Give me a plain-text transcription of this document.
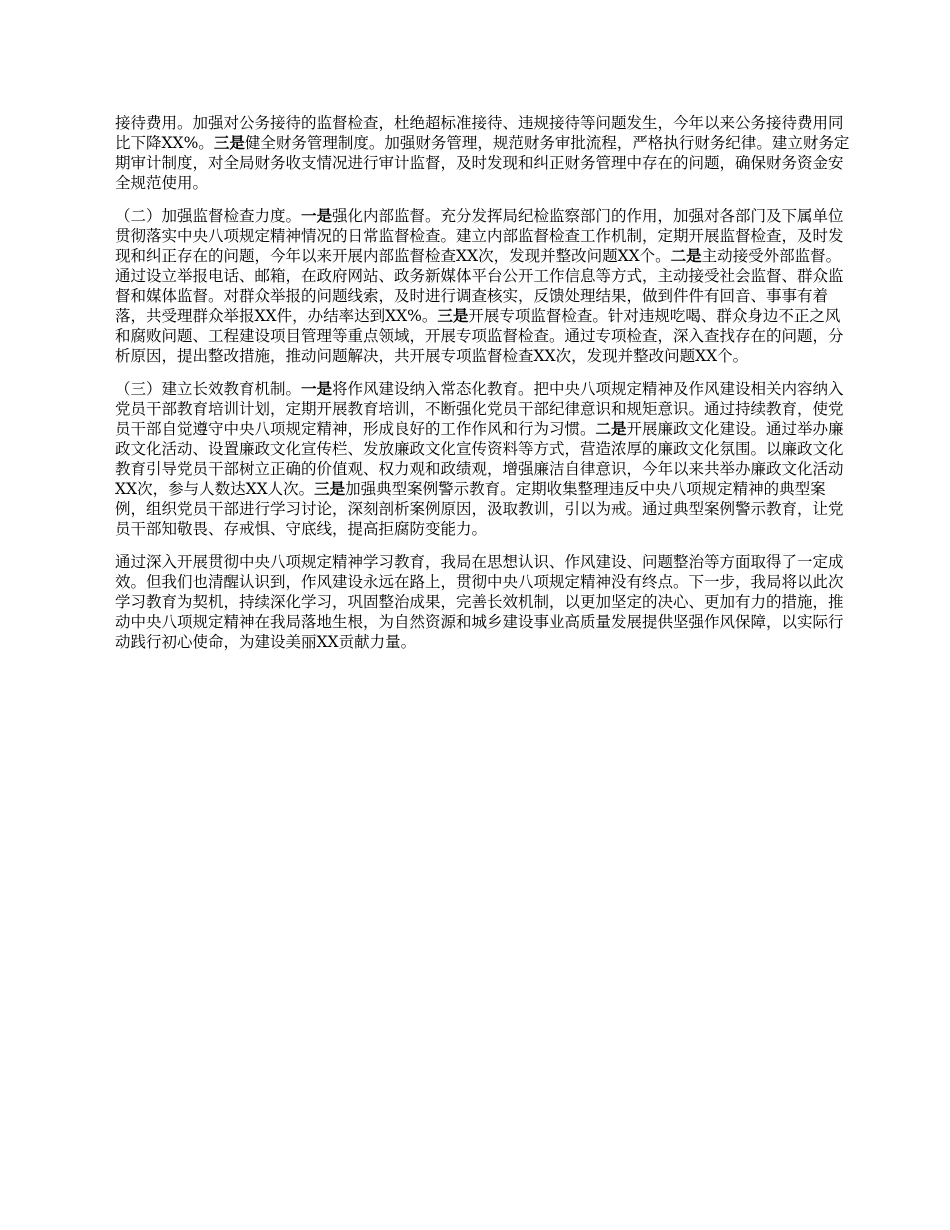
接待费用。加强对公务接待的监督检查，杜绝超标准接待、违规接待等问题发生，今年以来公务接待费用同比下降XX%。三是健全财务管理制度。加强财务管理，规范财务审批流程，严格执行财务纪律。建立财务定期审计制度，对全局财务收支情况进行审计监督，及时发现和纠正财务管理中存在的问题，确保财务资金安全规范使用。

（二）加强监督检查力度。一是强化内部监督。充分发挥局纪检监察部门的作用，加强对各部门及下属单位贯彻落实中央八项规定精神情况的日常监督检查。建立内部监督检查工作机制，定期开展监督检查，及时发现和纠正存在的问题，今年以来开展内部监督检查XX次，发现并整改问题XX个。二是主动接受外部监督。通过设立举报电话、邮箱，在政府网站、政务新媒体平台公开工作信息等方式，主动接受社会监督、群众监督和媒体监督。对群众举报的问题线索，及时进行调查核实，反馈处理结果，做到件件有回音、事事有着落，共受理群众举报XX件，办结率达到XX%。三是开展专项监督检查。针对违规吃喝、群众身边不正之风和腐败问题、工程建设项目管理等重点领域，开展专项监督检查。通过专项检查，深入查找存在的问题，分析原因，提出整改措施，推动问题解决，共开展专项监督检查XX次，发现并整改问题XX个。

（三）建立长效教育机制。一是将作风建设纳入常态化教育。把中央八项规定精神及作风建设相关内容纳入党员干部教育培训计划，定期开展教育培训，不断强化党员干部纪律意识和规矩意识。通过持续教育，使党员干部自觉遵守中央八项规定精神，形成良好的工作作风和行为习惯。二是开展廉政文化建设。通过举办廉政文化活动、设置廉政文化宣传栏、发放廉政文化宣传资料等方式，营造浓厚的廉政文化氛围。以廉政文化教育引导党员干部树立正确的价值观、权力观和政绩观，增强廉洁自律意识，今年以来共举办廉政文化活动XX次，参与人数达XX人次。三是加强典型案例警示教育。定期收集整理违反中央八项规定精神的典型案例，组织党员干部进行学习讨论，深刻剖析案例原因，汲取教训，引以为戒。通过典型案例警示教育，让党员干部知敬畏、存戒惧、守底线，提高拒腐防变能力。

通过深入开展贯彻中央八项规定精神学习教育，我局在思想认识、作风建设、问题整治等方面取得了一定成效。但我们也清醒认识到，作风建设永远在路上，贯彻中央八项规定精神没有终点。下一步，我局将以此次学习教育为契机，持续深化学习，巩固整治成果，完善长效机制，以更加坚定的决心、更加有力的措施，推动中央八项规定精神在我局落地生根，为自然资源和城乡建设事业高质量发展提供坚强作风保障，以实际行动践行初心使命，为建设美丽XX贡献力量。
